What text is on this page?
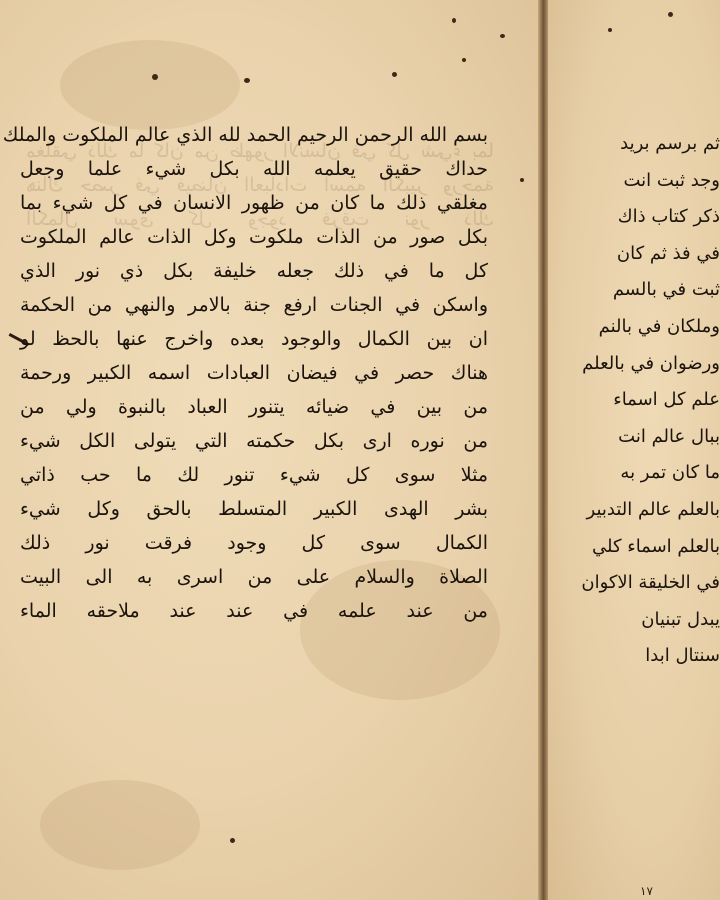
بسم الله الرحمن الرحيم الحمد لله الذي عالم الملكوت والملك
حداك حقيق يعلمه الله بكل شيء علما وجعل
مغلقي ذلك ما كان من ظهور الانسان في كل شيء بما
بكل صور من الذات ملكوت وكل الذات عالم الملكوت
كل ما في ذلك جعله خليفة بكل ذي نور الذي
واسكن في الجنات ارفع جنة بالامر والنهي من الحكمة
ان بين الكمال والوجود بعده واخرج عنها بالحظ لو
هناك حصر في فيضان العبادات اسمه الكبير ورحمة
من بين في ضيائه يتنور العباد بالنبوة ولي من
من نوره ارى بكل حكمته التي يتولى الكل شيء
مثلا سوى كل شيء تنور لك ما حب ذاتي
بشر الهدى الكبير المتسلط بالحق وكل شيء
الكمال سوى كل وجود فرقت نور ذلك
الصلاة والسلام على من اسرى به الى البيت
من عند علمه في عند عند ملاحقه الماء
ثم برسم بريد
وجد ثبت انت
ذكر كتاب ذاك
في فذ ثم كان
ثبت في بالسم
وملكان في بالنم
ورضوان في بالعلم
علم كل اسماء
ببال عالم انت
ما كان تمر به
بالعلم عالم التدبير
بالعلم اسماء كلي
في الخليقة الاكوان
يبدل تبنيان
سنتال ابدا
١٧
